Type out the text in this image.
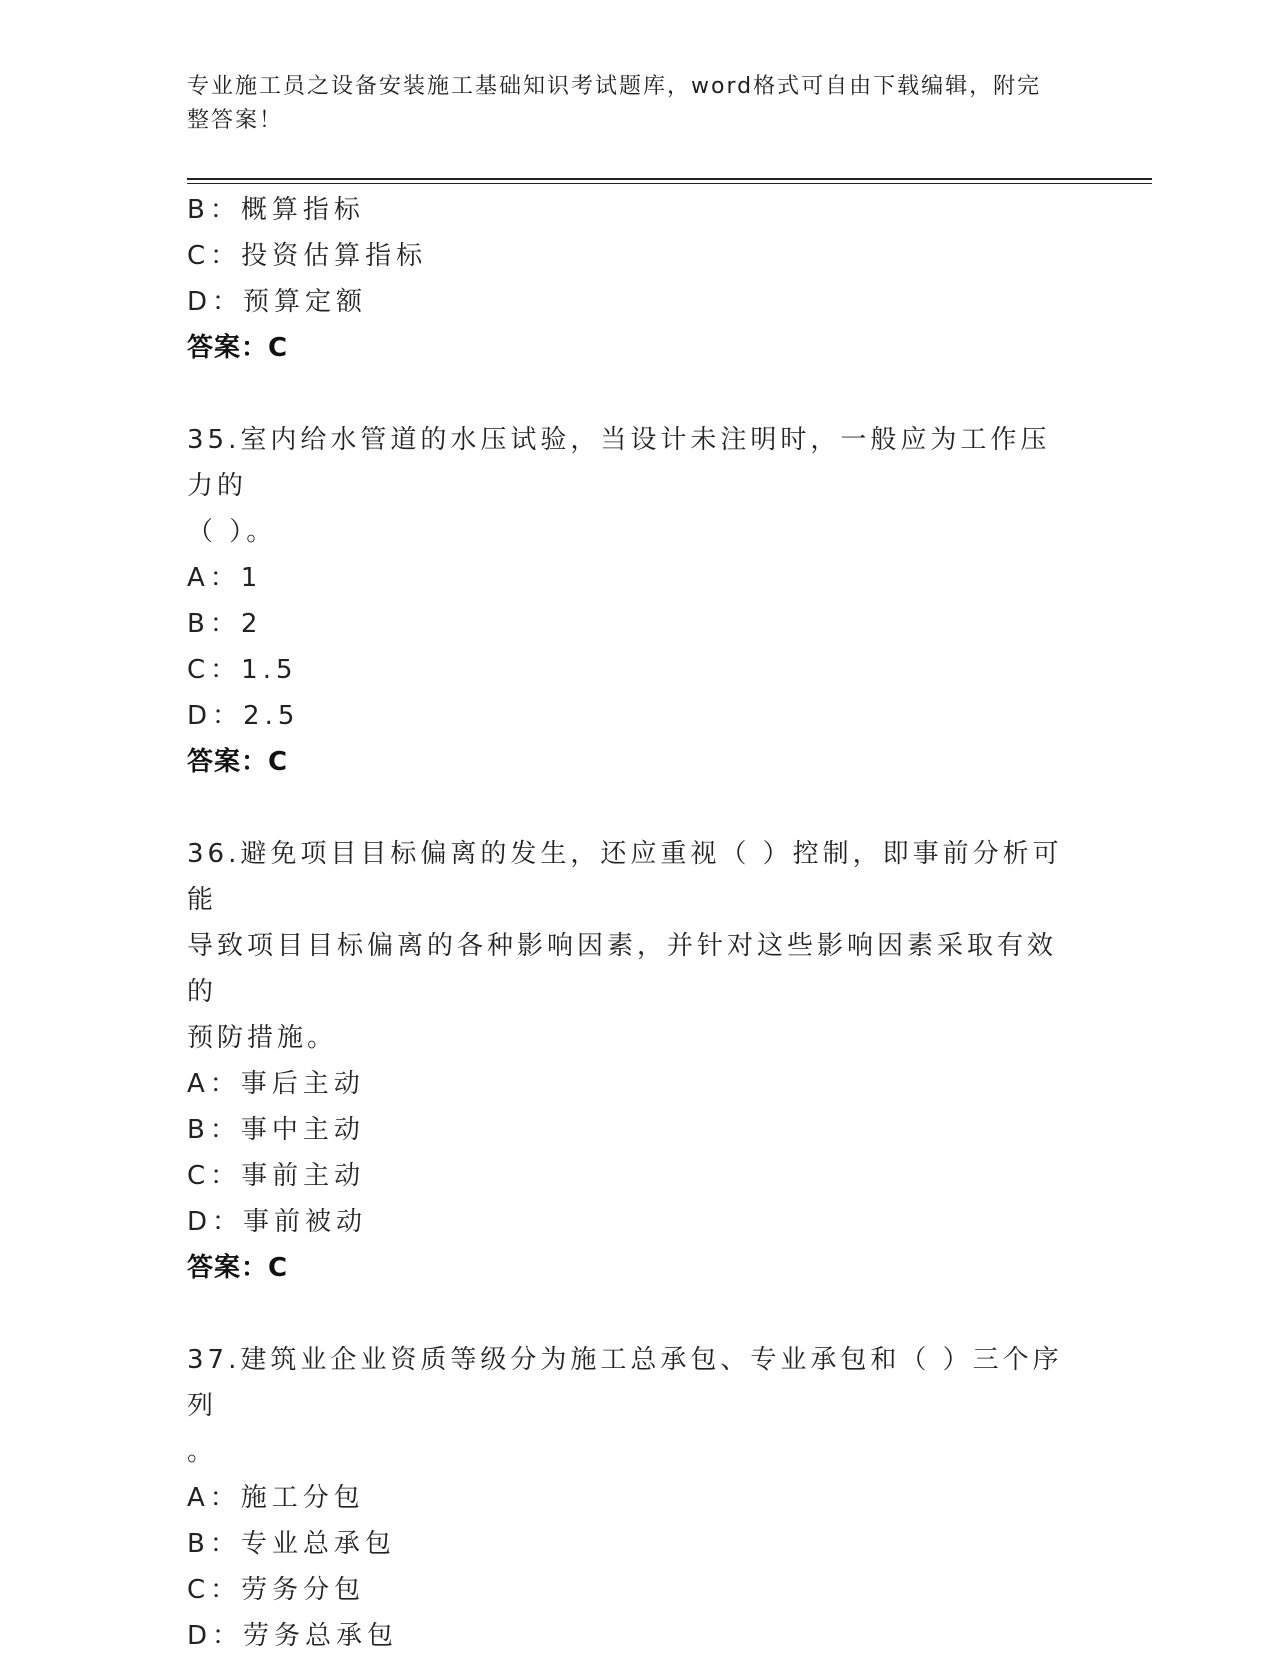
专业施工员之设备安装施工基础知识考试题库，word格式可自由下载编辑，附完
整答案！
B：概算指标
C：投资估算指标
D：预算定额
答案：C
35.室内给水管道的水压试验，当设计未注明时，一般应为工作压力的
（ ）。
A：1
B：2
C：1.5
D：2.5
答案：C
36.避免项目目标偏离的发生，还应重视（ ）控制，即事前分析可能
导致项目目标偏离的各种影响因素，并针对这些影响因素采取有效的
预防措施。
A：事后主动
B：事中主动
C：事前主动
D：事前被动
答案：C
37.建筑业企业资质等级分为施工总承包、专业承包和（ ）三个序列
。
A：施工分包
B：专业总承包
C：劳务分包
D：劳务总承包
